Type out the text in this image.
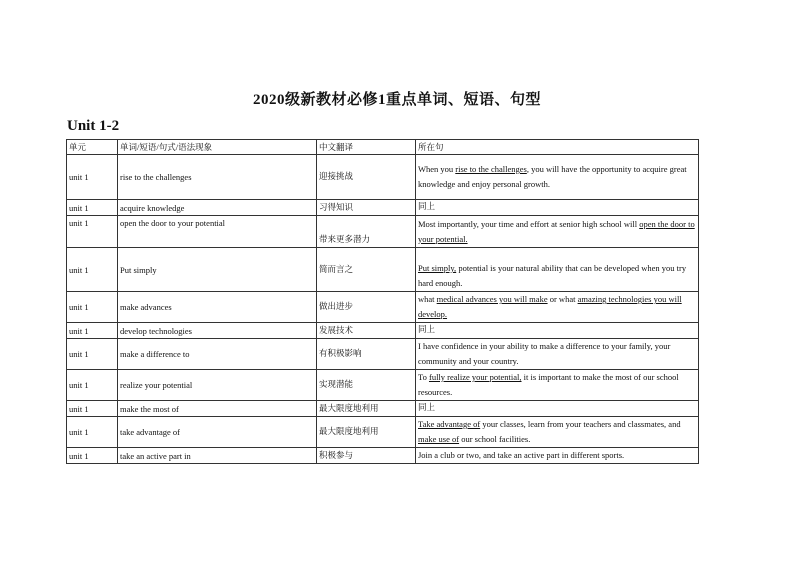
2020级新教材必修1重点单词、短语、句型
Unit 1-2
单元	单词/短语/句式/语法现象	中文翻译	所在句
unit 1	rise to the challenges	迎接挑战	When you rise to the challenges, you will have the opportunity to acquire great knowledge and enjoy personal growth.
unit 1	acquire knowledge	习得知识	同上
unit 1	open the door to your potential	带来更多潜力	Most importantly, your time and effort at senior high school will open the door to your potential.
unit 1	Put simply	简而言之	Put simply, potential is your natural ability that can be developed when you try hard enough.
unit 1	make advances	做出进步	what medical advances you will make or what amazing technologies you will develop.
unit 1	develop technologies	发展技术	同上
unit 1	make a difference to	有积极影响	I have confidence in your ability to make a difference to your family, your community and your country.
unit 1	realize your potential	实现潜能	To fully realize your potential, it is important to make the most of our school resources.
unit 1	make the most of	最大限度地利用	同上
unit 1	take advantage of	最大限度地利用	Take advantage of your classes, learn from your teachers and classmates, and make use of our school facilities.
unit 1	take an active part in	积极参与	Join a club or two, and take an active part in different sports.
